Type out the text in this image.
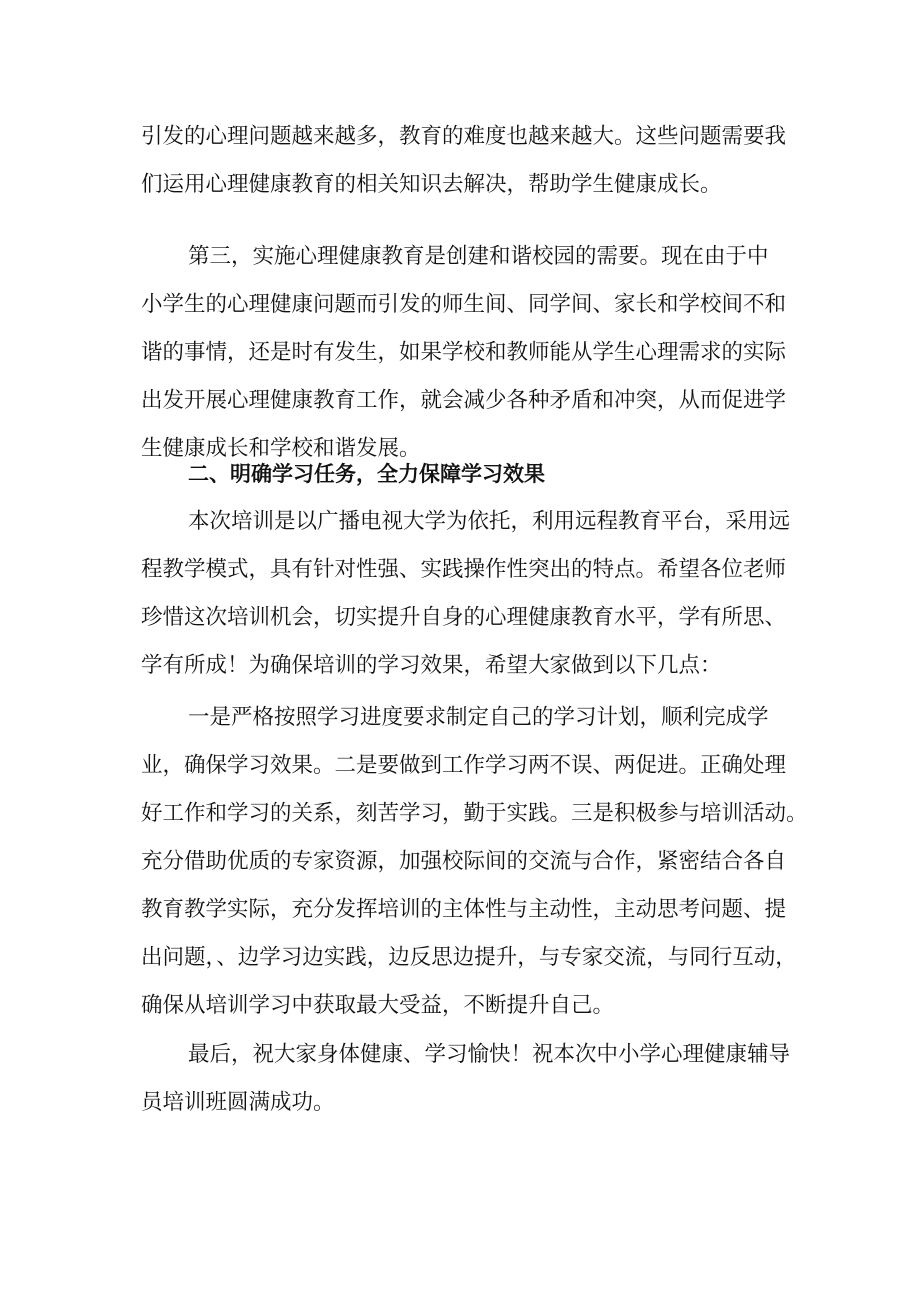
引发的心理问题越来越多，教育的难度也越来越大。这些问题需要我
们运用心理健康教育的相关知识去解决，帮助学生健康成长。
第三，实施心理健康教育是创建和谐校园的需要。现在由于中
小学生的心理健康问题而引发的师生间、同学间、家长和学校间不和
谐的事情，还是时有发生，如果学校和教师能从学生心理需求的实际
出发开展心理健康教育工作，就会减少各种矛盾和冲突，从而促进学
生健康成长和学校和谐发展。
二、明确学习任务，全力保障学习效果
本次培训是以广播电视大学为依托，利用远程教育平台，采用远
程教学模式，具有针对性强、实践操作性突出的特点。希望各位老师
珍惜这次培训机会，切实提升自身的心理健康教育水平，学有所思、
学有所成！为确保培训的学习效果，希望大家做到以下几点：
一是严格按照学习进度要求制定自己的学习计划，顺利完成学
业，确保学习效果。二是要做到工作学习两不误、两促进。正确处理
好工作和学习的关系，刻苦学习，勤于实践。三是积极参与培训活动。
充分借助优质的专家资源，加强校际间的交流与合作，紧密结合各自
教育教学实际，充分发挥培训的主体性与主动性，主动思考问题、提
出问题，、边学习边实践，边反思边提升，与专家交流，与同行互动，
确保从培训学习中获取最大受益，不断提升自己。
最后，祝大家身体健康、学习愉快！祝本次中小学心理健康辅导
员培训班圆满成功。
